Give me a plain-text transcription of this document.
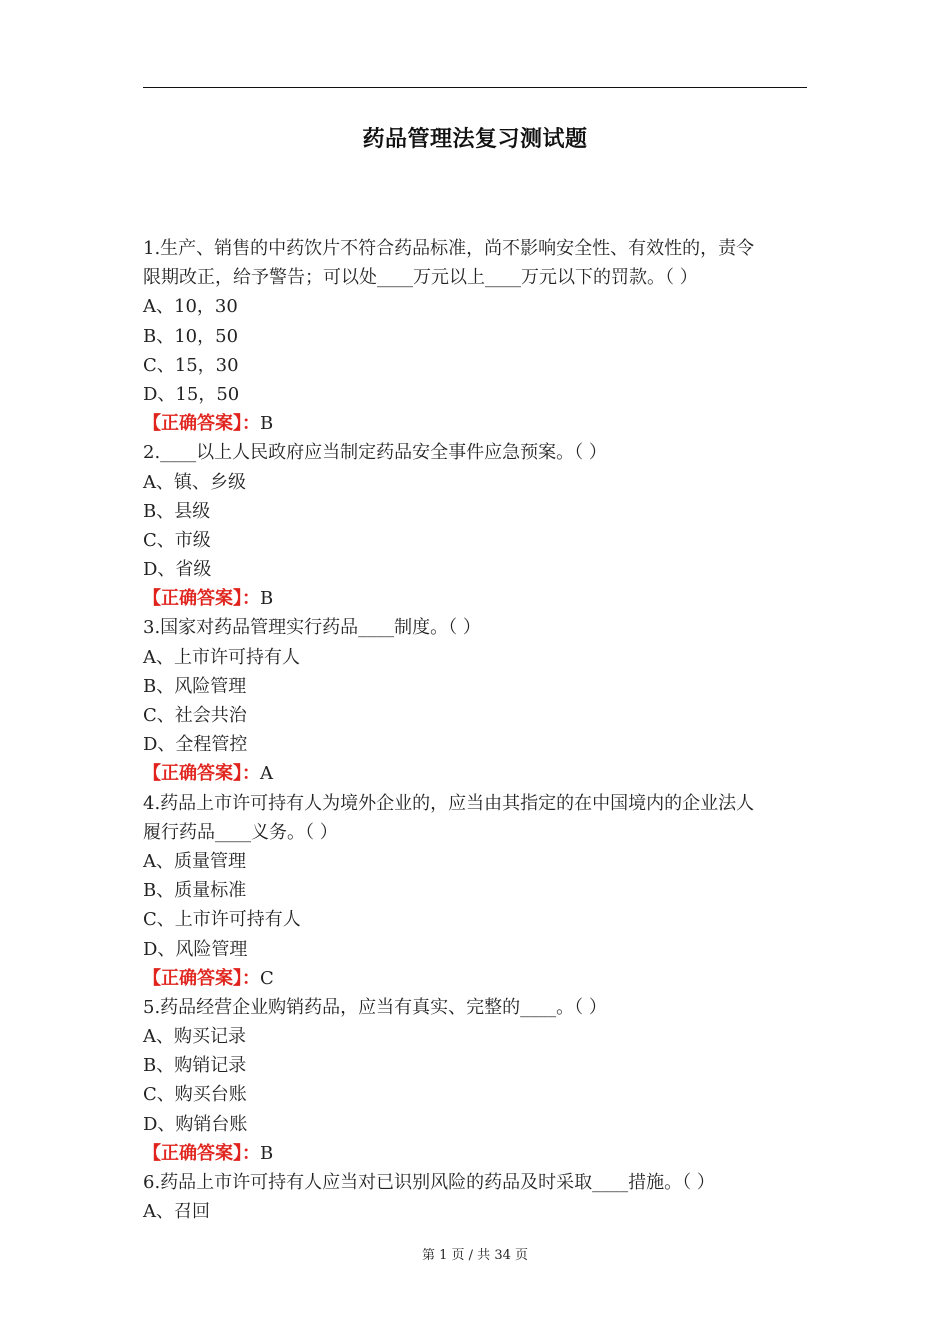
药品管理法复习测试题
1.生产、销售的中药饮片不符合药品标准，尚不影响安全性、有效性的，责令
限期改正，给予警告；可以处____万元以上____万元以下的罚款。（ ）
A、10，30
B、10，50
C、15，30
D、15，50
【正确答案】：B
2.____以上人民政府应当制定药品安全事件应急预案。（ ）
A、镇、乡级
B、县级
C、市级
D、省级
【正确答案】：B
3.国家对药品管理实行药品____制度。（ ）
A、上市许可持有人
B、风险管理
C、社会共治
D、全程管控
【正确答案】：A
4.药品上市许可持有人为境外企业的，应当由其指定的在中国境内的企业法人
履行药品____义务。（ ）
A、质量管理
B、质量标准
C、上市许可持有人
D、风险管理
【正确答案】：C
5.药品经营企业购销药品，应当有真实、完整的____。（ ）
A、购买记录
B、购销记录
C、购买台账
D、购销台账
【正确答案】：B
6.药品上市许可持有人应当对已识别风险的药品及时采取____措施。（ ）
A、召回
第 1 页 / 共 34 页
